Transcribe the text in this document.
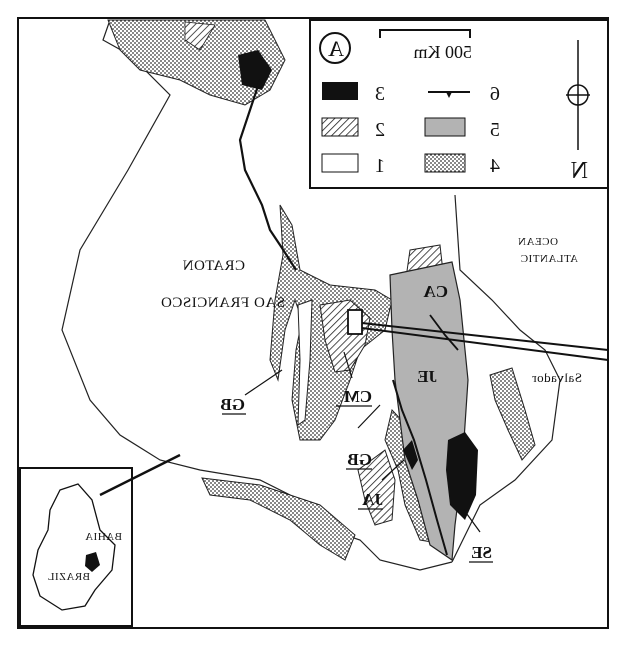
SAO FRANCISCO
CRATON
OCEAN
ATLANTIC
Salvador
GB
GB
CM
JE
CA
JA
SE
A	500 Km
N
3
2
1
6
5
4
BAHIA
BRAZIL
